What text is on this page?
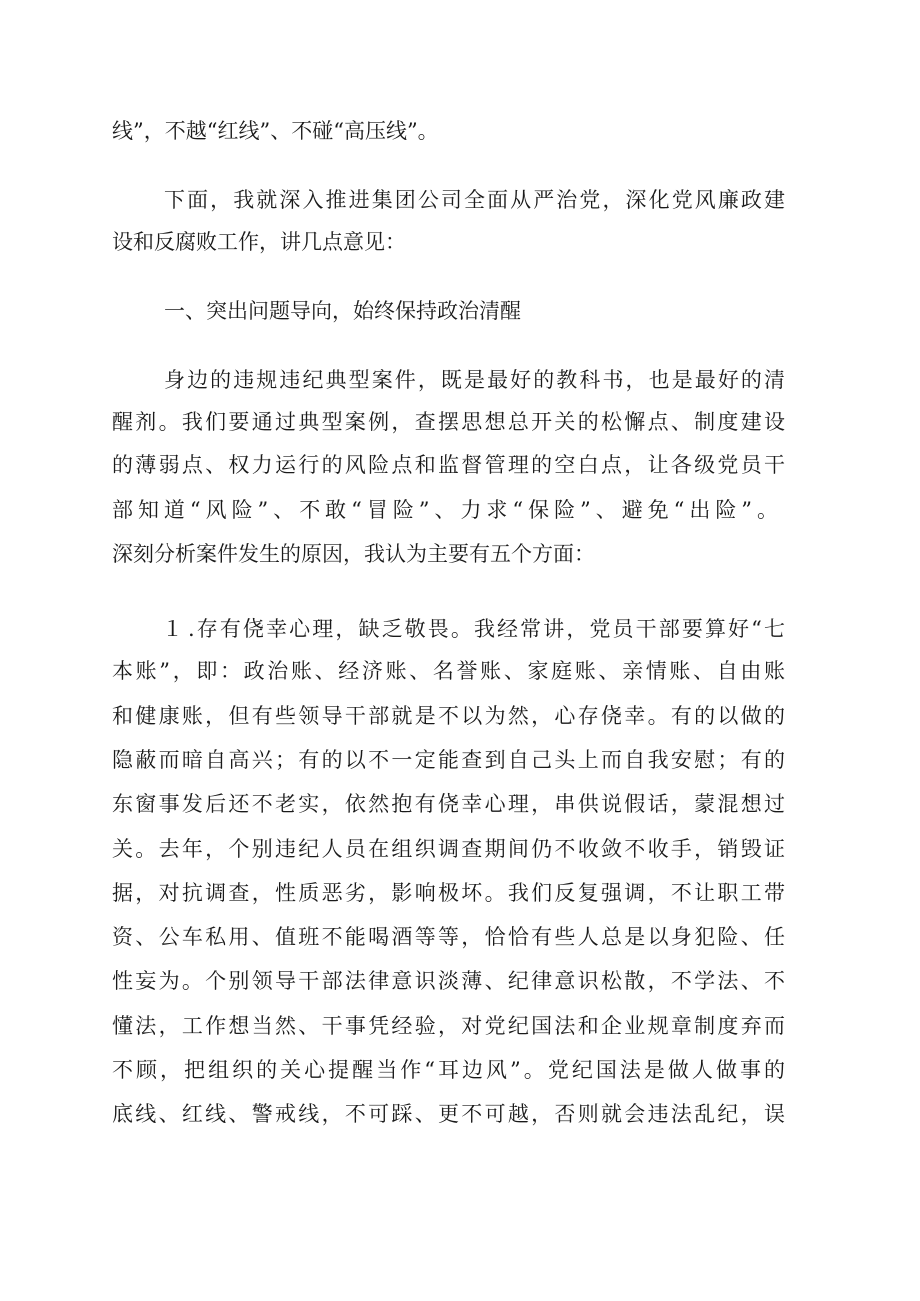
线”，不越“红线”、不碰“高压线”。
下面，我就深入推进集团公司全面从严治党，深化党风廉政建
设和反腐败工作，讲几点意见：
一、突出问题导向，始终保持政治清醒
身边的违规违纪典型案件，既是最好的教科书，也是最好的清
醒剂。我们要通过典型案例，查摆思想总开关的松懈点、制度建设
的薄弱点、权力运行的风险点和监督管理的空白点，让各级党员干
部知道“风险”、不敢“冒险”、力求“保险”、避免“出险”。
深刻分析案件发生的原因，我认为主要有五个方面：
１ .存有侥幸心理，缺乏敬畏。我经常讲，党员干部要算好“七
本账”，即：政治账、经济账、名誉账、家庭账、亲情账、自由账
和健康账，但有些领导干部就是不以为然，心存侥幸。有的以做的
隐蔽而暗自高兴；有的以不一定能查到自己头上而自我安慰；有的
东窗事发后还不老实，依然抱有侥幸心理，串供说假话，蒙混想过
关。去年，个别违纪人员在组织调查期间仍不收敛不收手，销毁证
据，对抗调查，性质恶劣，影响极坏。我们反复强调，不让职工带
资、公车私用、值班不能喝酒等等，恰恰有些人总是以身犯险、任
性妄为。个别领导干部法律意识淡薄、纪律意识松散，不学法、不
懂法，工作想当然、干事凭经验，对党纪国法和企业规章制度弃而
不顾，把组织的关心提醒当作“耳边风”。党纪国法是做人做事的
底线、红线、警戒线，不可踩、更不可越，否则就会违法乱纪，误
